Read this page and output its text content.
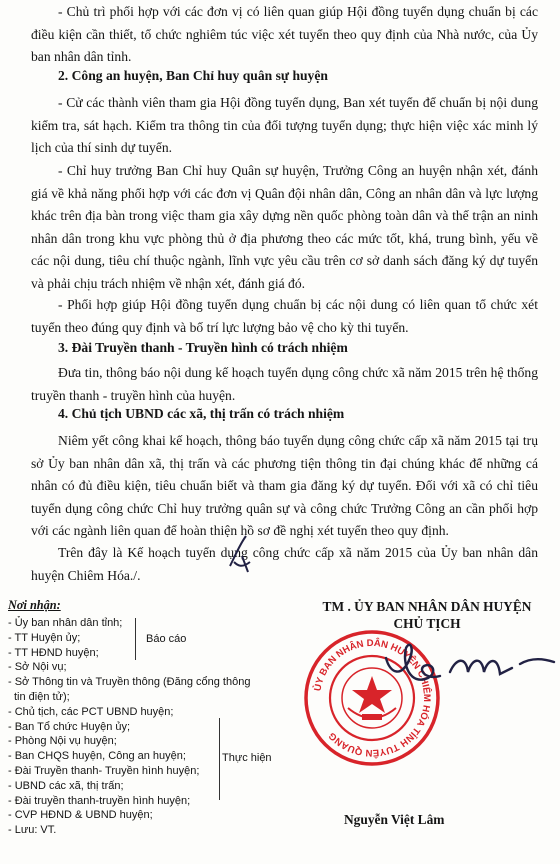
- Chủ trì phối hợp với các đơn vị có liên quan giúp Hội đồng tuyển dụng chuẩn bị các điều kiện cần thiết, tổ chức nghiêm túc việc xét tuyển theo quy định của Nhà nước, của Ủy ban nhân dân tỉnh.

2. Công an huyện, Ban Chỉ huy quân sự huyện

- Cử các thành viên tham gia Hội đồng tuyển dụng, Ban xét tuyển để chuẩn bị nội dung kiểm tra, sát hạch. Kiểm tra thông tin của đối tượng tuyển dụng; thực hiện việc xác minh lý lịch của thí sinh dự tuyển.

- Chỉ huy trưởng Ban Chỉ huy Quân sự huyện, Trưởng Công an huyện nhận xét, đánh giá về khả năng phối hợp với các đơn vị Quân đội nhân dân, Công an nhân dân và lực lượng khác trên địa bàn trong việc tham gia xây dựng nền quốc phòng toàn dân và thế trận an ninh nhân dân trong khu vực phòng thủ ở địa phương theo các mức tốt, khá, trung bình, yếu về các nội dung, tiêu chí thuộc ngành, lĩnh vực yêu cầu trên cơ sở danh sách đăng ký dự tuyển và phải chịu trách nhiệm về nhận xét, đánh giá đó.

- Phối hợp giúp Hội đồng tuyển dụng chuẩn bị các nội dung có liên quan tổ chức xét tuyển theo đúng quy định và bố trí lực lượng bảo vệ cho kỳ thi tuyển.

3. Đài Truyền thanh - Truyền hình có trách nhiệm

Đưa tin, thông báo nội dung kế hoạch tuyển dụng công chức xã năm 2015 trên hệ thống truyền thanh - truyền hình của huyện.

4. Chủ tịch UBND các xã, thị trấn có trách nhiệm

Niêm yết công khai kế hoạch, thông báo tuyển dụng công chức cấp xã năm 2015 tại trụ sở Ủy ban nhân dân xã, thị trấn và các phương tiện thông tin đại chúng khác để những cá nhân có đủ điều kiện, tiêu chuẩn biết và tham gia đăng ký dự tuyển. Đối với xã có chỉ tiêu tuyển dụng công chức Chỉ huy trưởng quân sự và công chức Trưởng Công an cần phối hợp với các ngành liên quan để hoàn thiện hồ sơ đề nghị xét tuyển theo quy định.

Trên đây là Kế hoạch tuyển dụng công chức cấp xã năm 2015 của Ủy ban nhân dân huyện Chiêm Hóa./.

Nơi nhận:
- Ủy ban nhân dân tỉnh;
- TT Huyện ủy;
- TT HĐND huyện;
- Sở Nội vụ;
- Sở Thông tin và Truyền thông (Đăng cổng thông
tin điện tử);
- Chủ tịch, các PCT UBND huyện;
- Ban Tổ chức Huyện ủy;
- Phòng Nội vụ huyện;
- Ban CHQS huyện, Công an huyện;
- Đài Truyền thanh- Truyền hình huyện;
- UBND các xã, thị trấn;
- Đài truyền thanh-truyền hình huyện;
- CVP HĐND & UBND huyện;
- Lưu: VT.
Báo cáo
Thực hiện
TM . ỦY BAN NHÂN DÂN HUYỆN
CHỦ TỊCH
ỦY BAN NHÂN DÂN HUYỆN CHIÊM HÓA TỈNH TUYÊN QUANG
Nguyễn Việt Lâm
